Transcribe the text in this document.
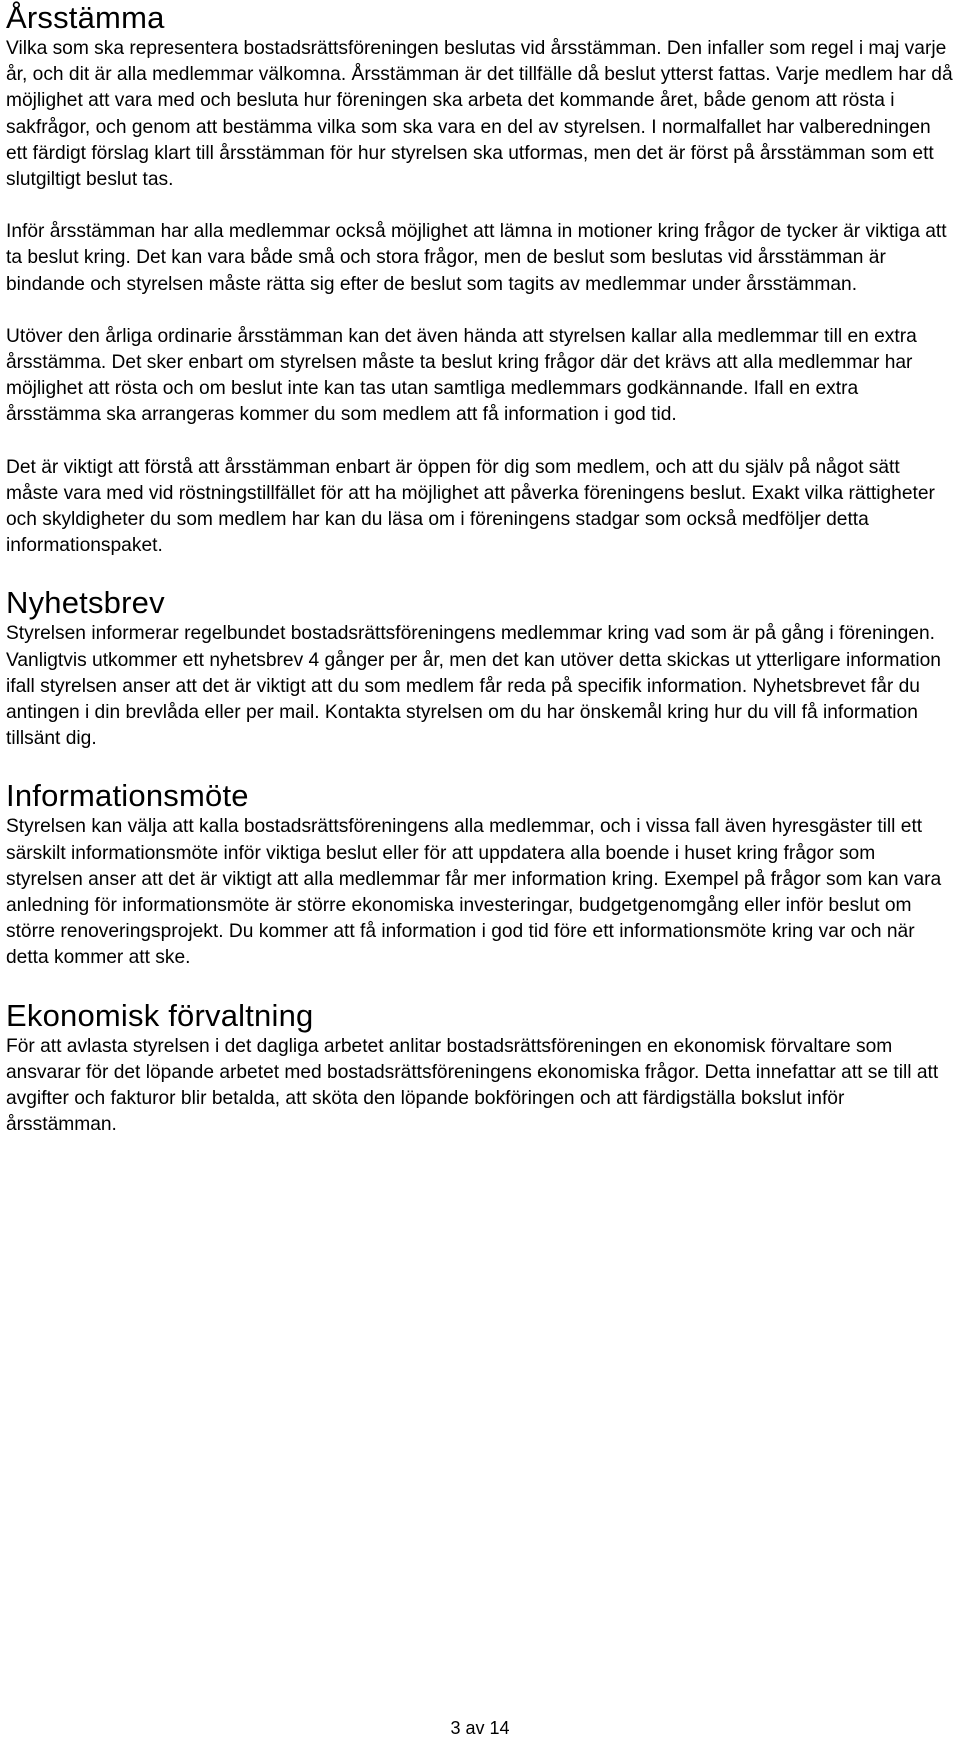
Årsstämma

Vilka som ska representera bostadsrättsföreningen beslutas vid årsstämman. Den infaller som regel i maj varje år, och dit är alla medlemmar välkomna. Årsstämman är det tillfälle då beslut ytterst fattas. Varje medlem har då möjlighet att vara med och besluta hur föreningen ska arbeta det kommande året, både genom att rösta i sakfrågor, och genom att bestämma vilka som ska vara en del av styrelsen. I normalfallet har valberedningen ett färdigt förslag klart till årsstämman för hur styrelsen ska utformas, men det är först på årsstämman som ett slutgiltigt beslut tas.

Inför årsstämman har alla medlemmar också möjlighet att lämna in motioner kring frågor de tycker är viktiga att ta beslut kring. Det kan vara både små och stora frågor, men de beslut som beslutas vid årsstämman är bindande och styrelsen måste rätta sig efter de beslut som tagits av medlemmar under årsstämman.

Utöver den årliga ordinarie årsstämman kan det även hända att styrelsen kallar alla medlemmar till en extra årsstämma. Det sker enbart om styrelsen måste ta beslut kring frågor där det krävs att alla medlemmar har möjlighet att rösta och om beslut inte kan tas utan samtliga medlemmars godkännande. Ifall en extra årsstämma ska arrangeras kommer du som medlem att få information i god tid.

Det är viktigt att förstå att årsstämman enbart är öppen för dig som medlem, och att du själv på något sätt måste vara med vid röstningstillfället för att ha möjlighet att påverka föreningens beslut. Exakt vilka rättigheter och skyldigheter du som medlem har kan du läsa om i föreningens stadgar som också medföljer detta informationspaket.

Nyhetsbrev

Styrelsen informerar regelbundet bostadsrättsföreningens medlemmar kring vad som är på gång i föreningen. Vanligtvis utkommer ett nyhetsbrev 4 gånger per år, men det kan utöver detta skickas ut ytterligare information ifall styrelsen anser att det är viktigt att du som medlem får reda på specifik information. Nyhetsbrevet får du antingen i din brevlåda eller per mail. Kontakta styrelsen om du har önskemål kring hur du vill få information tillsänt dig.

Informationsmöte

Styrelsen kan välja att kalla bostadsrättsföreningens alla medlemmar, och i vissa fall även hyresgäster till ett särskilt informationsmöte inför viktiga beslut eller för att uppdatera alla boende i huset kring frågor som styrelsen anser att det är viktigt att alla medlemmar får mer information kring. Exempel på frågor som kan vara anledning för informationsmöte är större ekonomiska investeringar, budgetgenomgång eller inför beslut om större renoveringsprojekt. Du kommer att få information i god tid före ett informationsmöte kring var och när detta kommer att ske.

Ekonomisk förvaltning

För att avlasta styrelsen i det dagliga arbetet anlitar bostadsrättsföreningen en ekonomisk förvaltare som ansvarar för det löpande arbetet med bostadsrättsföreningens ekonomiska frågor. Detta innefattar att se till att avgifter och fakturor blir betalda, att sköta den löpande bokföringen och att färdigställa bokslut inför årsstämman.

3 av 14
